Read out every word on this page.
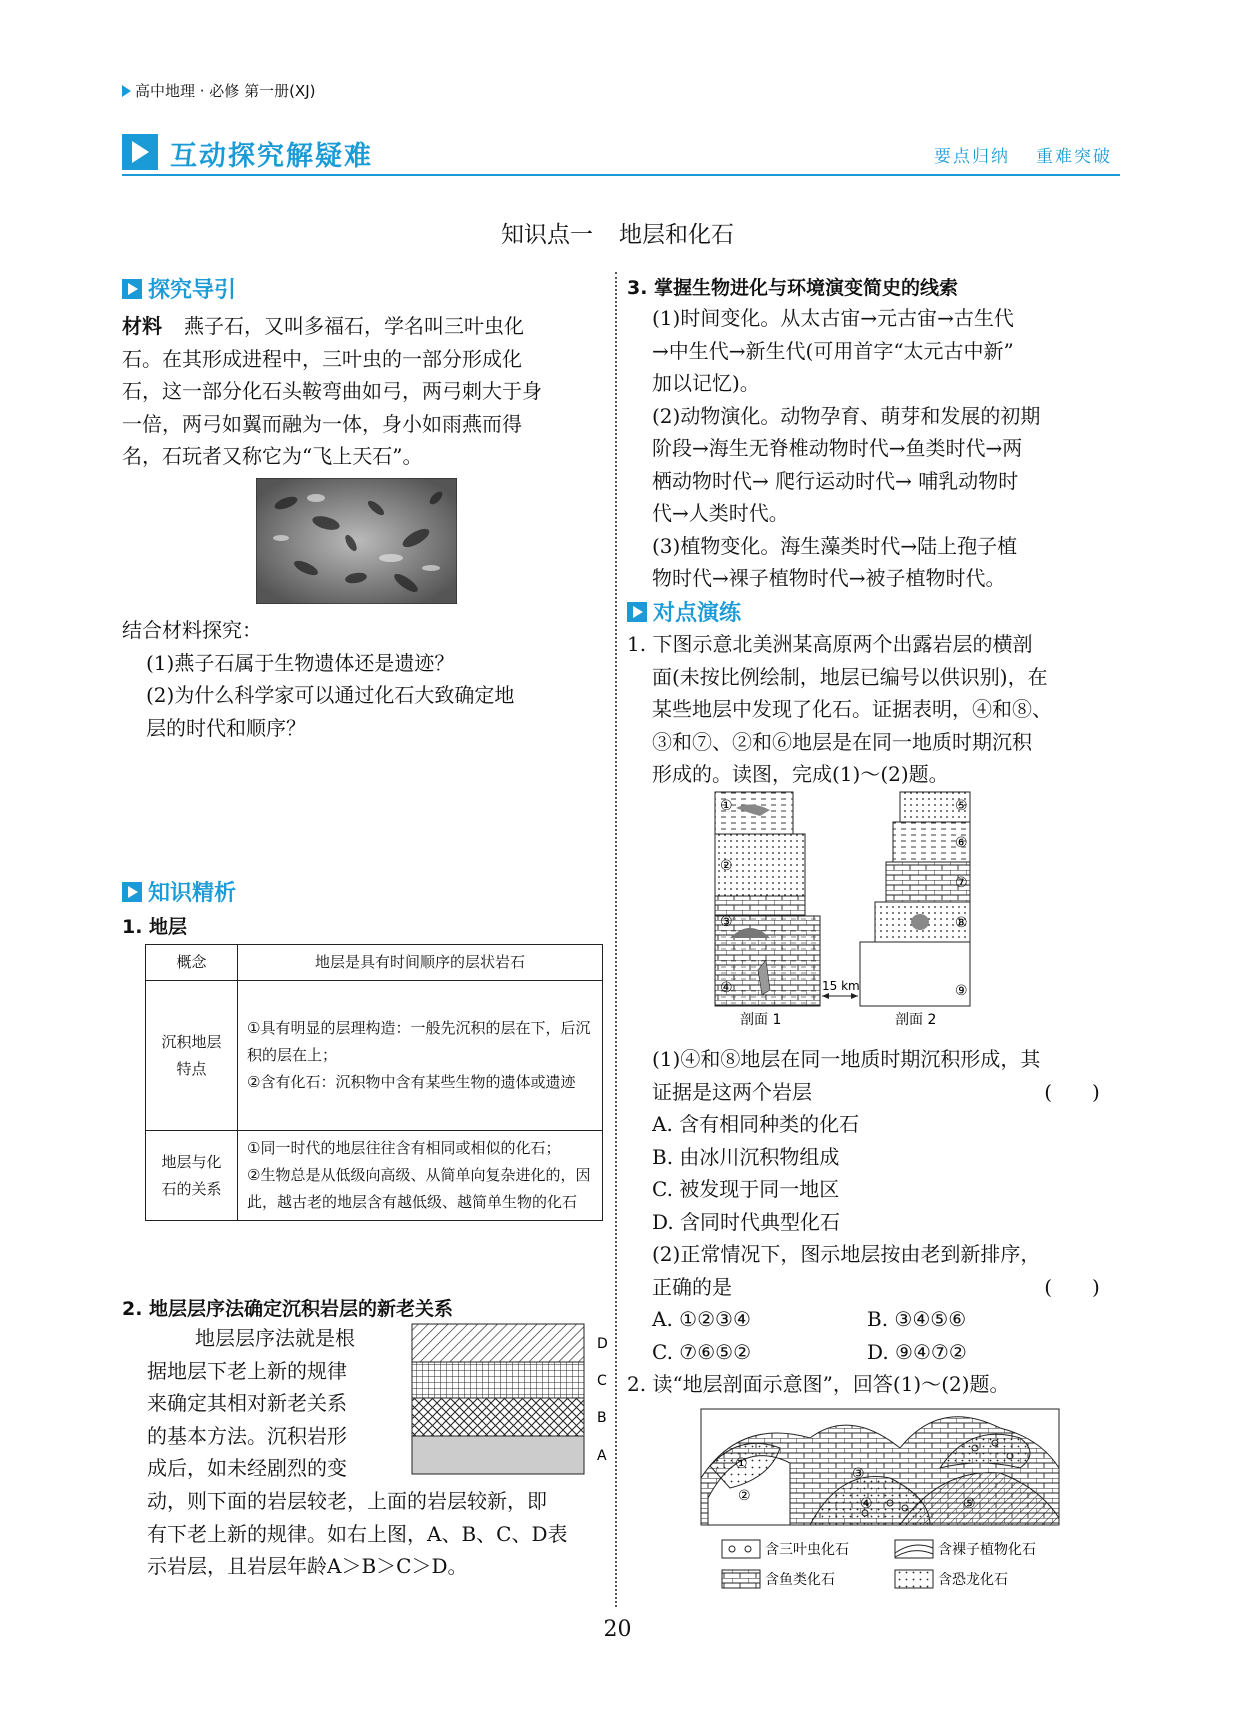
高中地理 · 必修 第一册(XJ)
互动探究解疑难	要点归纳 重难突破
知识点一 地层和化石
探究导引
材料 燕子石，又叫多福石，学名叫三叶虫化
石。在其形成进程中，三叶虫的一部分形成化
石，这一部分化石头鞍弯曲如弓，两弓刺大于身
一倍，两弓如翼而融为一体，身小如雨燕而得
名，石玩者又称它为“飞上天石”。
结合材料探究：
(1)燕子石属于生物遗体还是遗迹？
(2)为什么科学家可以通过化石大致确定地
层的时代和顺序？
知识精析
1. 地层
概念	地层是具有时间顺序的层状岩石
沉积地层特点	①具有明显的层理构造：一般先沉积的层在下，后沉积的层在上；
②含有化石：沉积物中含有某些生物的遗体或遗迹

地层与化石的关系	①同一时代的地层往往含有相同或相似的化石；
②生物总是从低级向高级、从简单向复杂进化的，因此，越古老的地层含有越低级、越简单生物的化石
2. 地层层序法确定沉积岩层的新老关系
地层层序法就是根
据地层下老上新的规律
来确定其相对新老关系
的基本方法。沉积岩形
成后，如未经剧烈的变
动，则下面的岩层较老，上面的岩层较新，即
有下老上新的规律。如右上图，A、B、C、D表
示岩层，且岩层年龄A＞B＞C＞D。
D
C
B
A
3. 掌握生物进化与环境演变简史的线索
(1)时间变化。从太古宙→元古宙→古生代
→中生代→新生代(可用首字“太元古中新”
加以记忆)。
(2)动物演化。动物孕育、萌芽和发展的初期
阶段→海生无脊椎动物时代→鱼类时代→两
栖动物时代→ 爬行运动时代→ 哺乳动物时
代→人类时代。
(3)植物变化。海生藻类时代→陆上孢子植
物时代→裸子植物时代→被子植物时代。
对点演练
1. 下图示意北美洲某高原两个出露岩层的横剖
面(未按比例绘制，地层已编号以供识别)，在
某些地层中发现了化石。证据表明，④和⑧、
③和⑦、②和⑥地层是在同一地质时期沉积
形成的。读图，完成(1)～(2)题。
①
②
③
④
⑤
⑥
⑦
⑧
⑨
15 km
剖面 1	剖面 2
(1)④和⑧地层在同一地质时期沉积形成，其
证据是这两个岩层	(　　)
A. 含有相同种类的化石
B. 由冰川沉积物组成
C. 被发现于同一地区
D. 含同时代典型化石
(2)正常情况下，图示地层按由老到新排序，
正确的是	(　　)
A. ①②③④	B. ③④⑤⑥
C. ⑦⑥⑤②	D. ⑨④⑦②
2. 读“地层剖面示意图”，回答(1)～(2)题。
①
②
③
④	⑤
含三叶虫化石	含裸子植物化石
含鱼类化石	含恐龙化石
20
